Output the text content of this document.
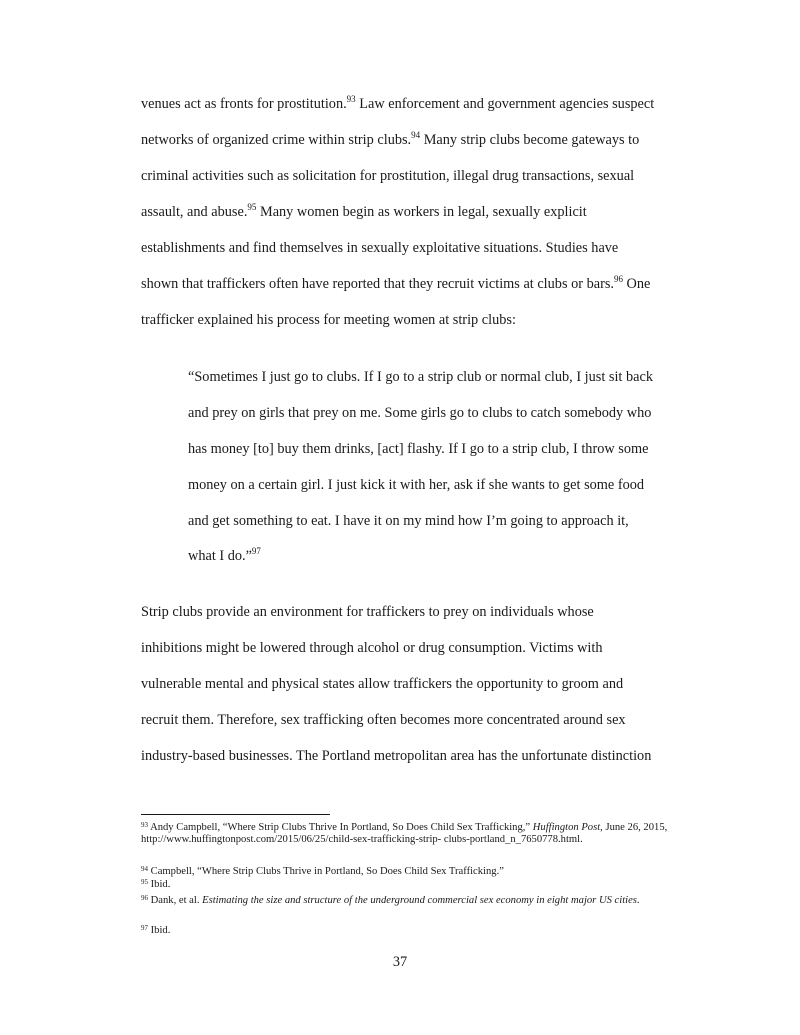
venues act as fronts for prostitution.$^{93}$ Law enforcement and government agencies suspect

networks of organized crime within strip clubs.$^{94}$ Many strip clubs become gateways to

criminal activities such as solicitation for prostitution, illegal drug transactions, sexual

assault, and abuse.$^{95}$ Many women begin as workers in legal, sexually explicit

establishments and find themselves in sexually exploitative situations. Studies have

shown that traffickers often have reported that they recruit victims at clubs or bars.$^{96}$ One

trafficker explained his process for meeting women at strip clubs:

“Sometimes I just go to clubs. If I go to a strip club or normal club, I just sit back

and prey on girls that prey on me. Some girls go to clubs to catch somebody who

has money [to] buy them drinks, [act] flashy. If I go to a strip club, I throw some

money on a certain girl. I just kick it with her, ask if she wants to get some food

and get something to eat. I have it on my mind how I’m going to approach it,

what I do.”$^{97}$

Strip clubs provide an environment for traffickers to prey on individuals whose

inhibitions might be lowered through alcohol or drug consumption. Victims with

vulnerable mental and physical states allow traffickers the opportunity to groom and

recruit them. Therefore, sex trafficking often becomes more concentrated around sex

industry-based businesses. The Portland metropolitan area has the unfortunate distinction

$^{93}$ Andy Campbell, “Where Strip Clubs Thrive In Portland, So Does Child Sex Trafficking,” Huffington Post, June 26, 2015, http://www.huffingtonpost.com/2015/06/25/child-sex-trafficking-strip- clubs-portland_n_7650778.html.

$^{94}$ Campbell, “Where Strip Clubs Thrive in Portland, So Does Child Sex Trafficking.”

$^{95}$ Ibid.

$^{96}$ Dank, et al. Estimating the size and structure of the underground commercial sex economy in eight major US cities.

$^{97}$ Ibid.

37
